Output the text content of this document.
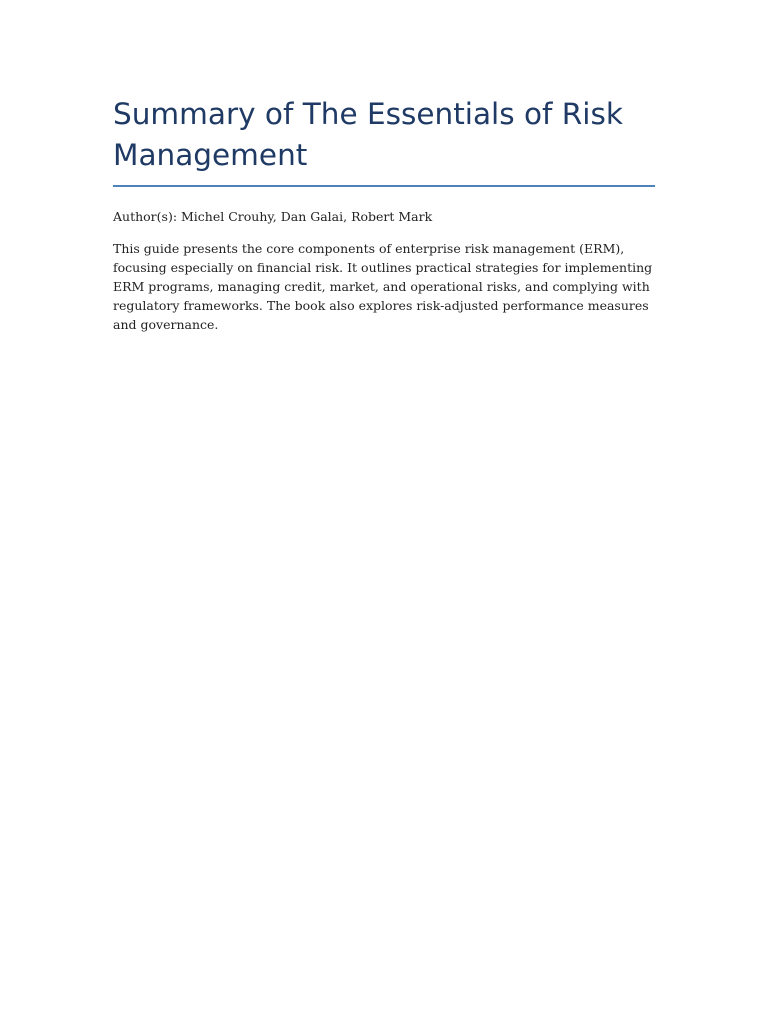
Summary of The Essentials of Risk Management

Author(s): Michel Crouhy, Dan Galai, Robert Mark

This guide presents the core components of enterprise risk management (ERM), focusing especially on financial risk. It outlines practical strategies for implementing ERM programs, managing credit, market, and operational risks, and complying with regulatory frameworks. The book also explores risk-adjusted performance measures and governance.
